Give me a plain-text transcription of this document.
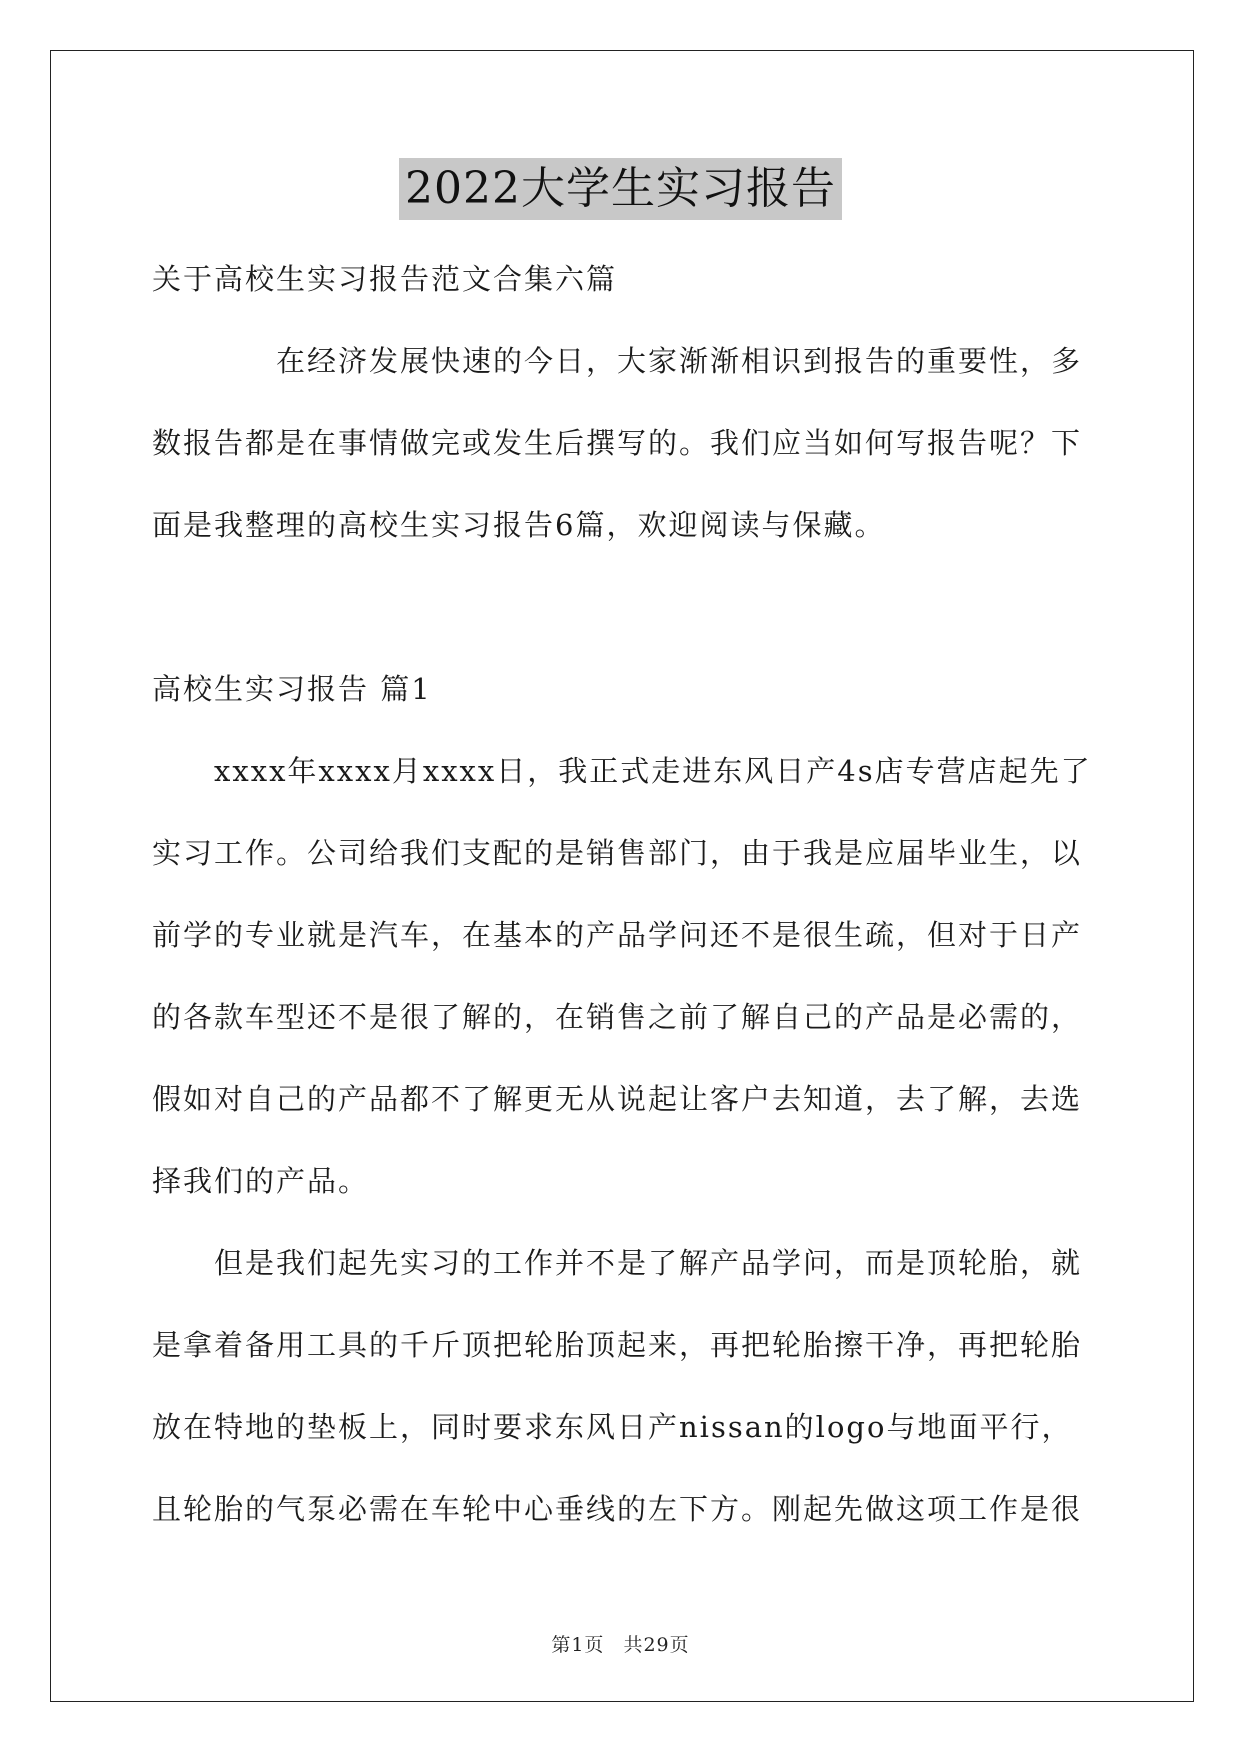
2022大学生实习报告

关于高校生实习报告范文合集六篇

在经济发展快速的今日，大家渐渐相识到报告的重要性，多数报告都是在事情做完或发生后撰写的。我们应当如何写报告呢？下面是我整理的高校生实习报告6篇，欢迎阅读与保藏。

高校生实习报告 篇1

xxxx年xxxx月xxxx日，我正式走进东风日产4s店专营店起先了实习工作。公司给我们支配的是销售部门，由于我是应届毕业生，以前学的专业就是汽车，在基本的产品学问还不是很生疏，但对于日产的各款车型还不是很了解的，在销售之前了解自己的产品是必需的，假如对自己的产品都不了解更无从说起让客户去知道，去了解，去选择我们的产品。

但是我们起先实习的工作并不是了解产品学问，而是顶轮胎，就是拿着备用工具的千斤顶把轮胎顶起来，再把轮胎擦干净，再把轮胎放在特地的垫板上，同时要求东风日产nissan的logo与地面平行，且轮胎的气泵必需在车轮中心垂线的左下方。刚起先做这项工作是很

第1页 共29页
